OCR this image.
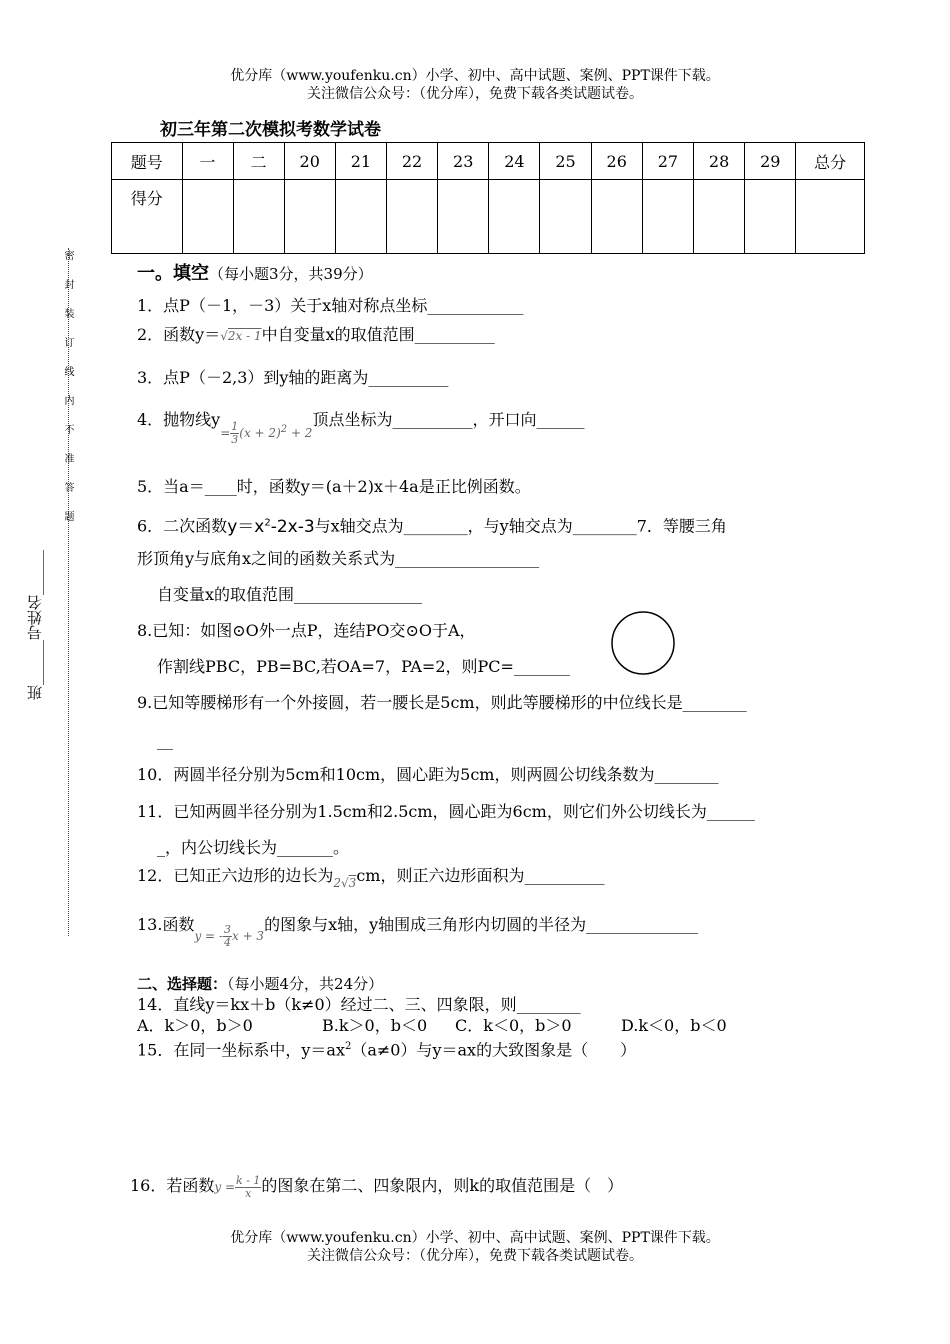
优分库（www.youfenku.cn）小学、初中、高中试题、案例、PPT课件下载。
关注微信公众号：（优分库），免费下载各类试题试卷。
初三年第二次模拟考数学试卷
题号	一	二	20	21	22	23	24	25	26	27	28	29	总分
得分													
密封装订线内不准答题
班______号姓名______
一。填空（每小题3分，共39分）
1．点P（－1，－3）关于x轴对称点坐标____________
2．函数y＝√2x - 1中自变量x的取值范围__________
3．点P（－2,3）到y轴的距离为__________
4．抛物线$y_{= \frac{1}{3} (x + 2)^2 + 2}$顶点坐标为__________，开口向______
5．当a＝____时，函数y＝(a＋2)x＋4a是正比例函数。
6．二次函数$y=x^2-2x-3$与x轴交点为________，与y轴交点为________7．等腰三角
形顶角y与底角x之间的函数关系式为__________________
自变量x的取值范围________________
8.已知：如图⊙O外一点P，连结PO交⊙O于A，
作割线PBC，PB=BC,若OA=7，PA=2，则PC=_______
9.已知等腰梯形有一个外接圆，若一腰长是5cm，则此等腰梯形的中位线长是________
__
10．两圆半径分别为5cm和10cm，圆心距为5cm，则两圆公切线条数为________
11．已知两圆半径分别为1.5cm和2.5cm，圆心距为6cm，则它们外公切线长为______
_，内公切线长为_______。
12．已知正六边形的边长为$_{2√3}$cm，则正六边形面积为__________
13.函数$_{y = - \frac{3}{4} x + 3}$的图象与x轴，y轴围成三角形内切圆的半径为______________
二、选择题：（每小题4分，共24分）
14．直线y＝kx＋b（k≠0）经过二、三、四象限，则________
A．k＞0，b＞0	B.k＞0，b＜0 C．k＜0，b＞0	D.k＜0，b＜0
15．在同一坐标系中，$y=ax^2(a\ne 0)$与y＝ax的大致图象是（　　）
16．若函数$y = \frac{k - 1}{x}$ 的图象在第二、四象限内，则k的取值范围是（　）
优分库（www.youfenku.cn）小学、初中、高中试题、案例、PPT课件下载。
关注微信公众号：（优分库），免费下载各类试题试卷。
